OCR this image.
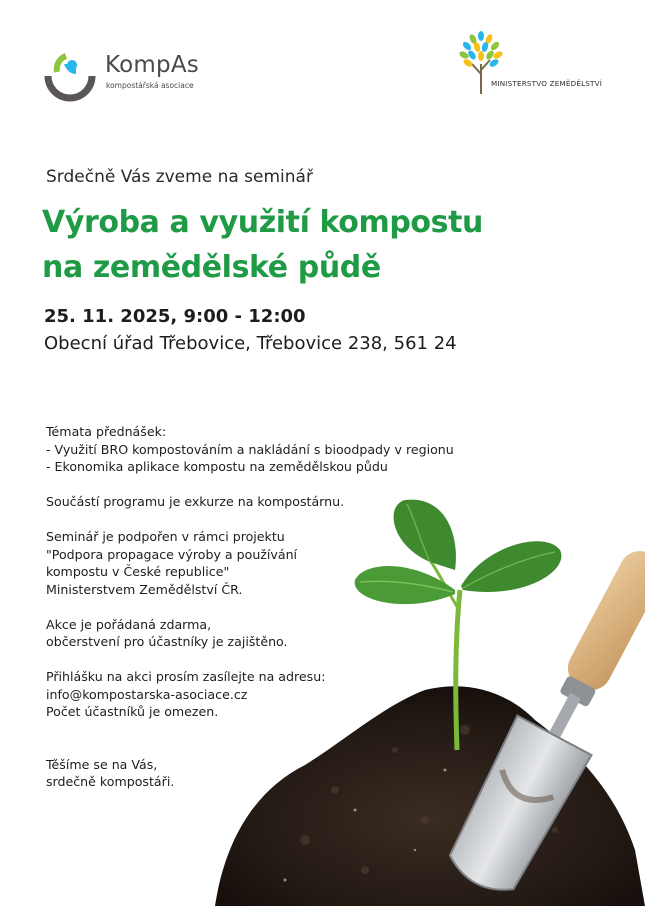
KompAs
kompostářská asociace	MINISTERSTVO ZEMĚDĚLSTVÍ
Srdečně Vás zveme na seminář
Výroba a využití kompostu
na zemědělské půdě
25. 11. 2025, 9:00 - 12:00
Obecní úřad Třebovice, Třebovice 238, 561 24

Témata přednášek:
- Využití BRO kompostováním a nakládání s bioodpady v regionu
- Ekonomika aplikace kompostu na zemědělskou půdu

Součástí programu je exkurze na kompostárnu.

Seminář je podpořen v rámci projektu
"Podpora propagace výroby a používání
kompostu v České republice"
Ministerstvem Zemědělství ČR.

Akce je pořádaná zdarma,
občerstvení pro účastníky je zajištěno.

Přihlášku na akci prosím zasílejte na adresu:
info@kompostarska-asociace.cz
Počet účastníků je omezen.

Těšíme se na Vás,
srdečně kompostáři.
